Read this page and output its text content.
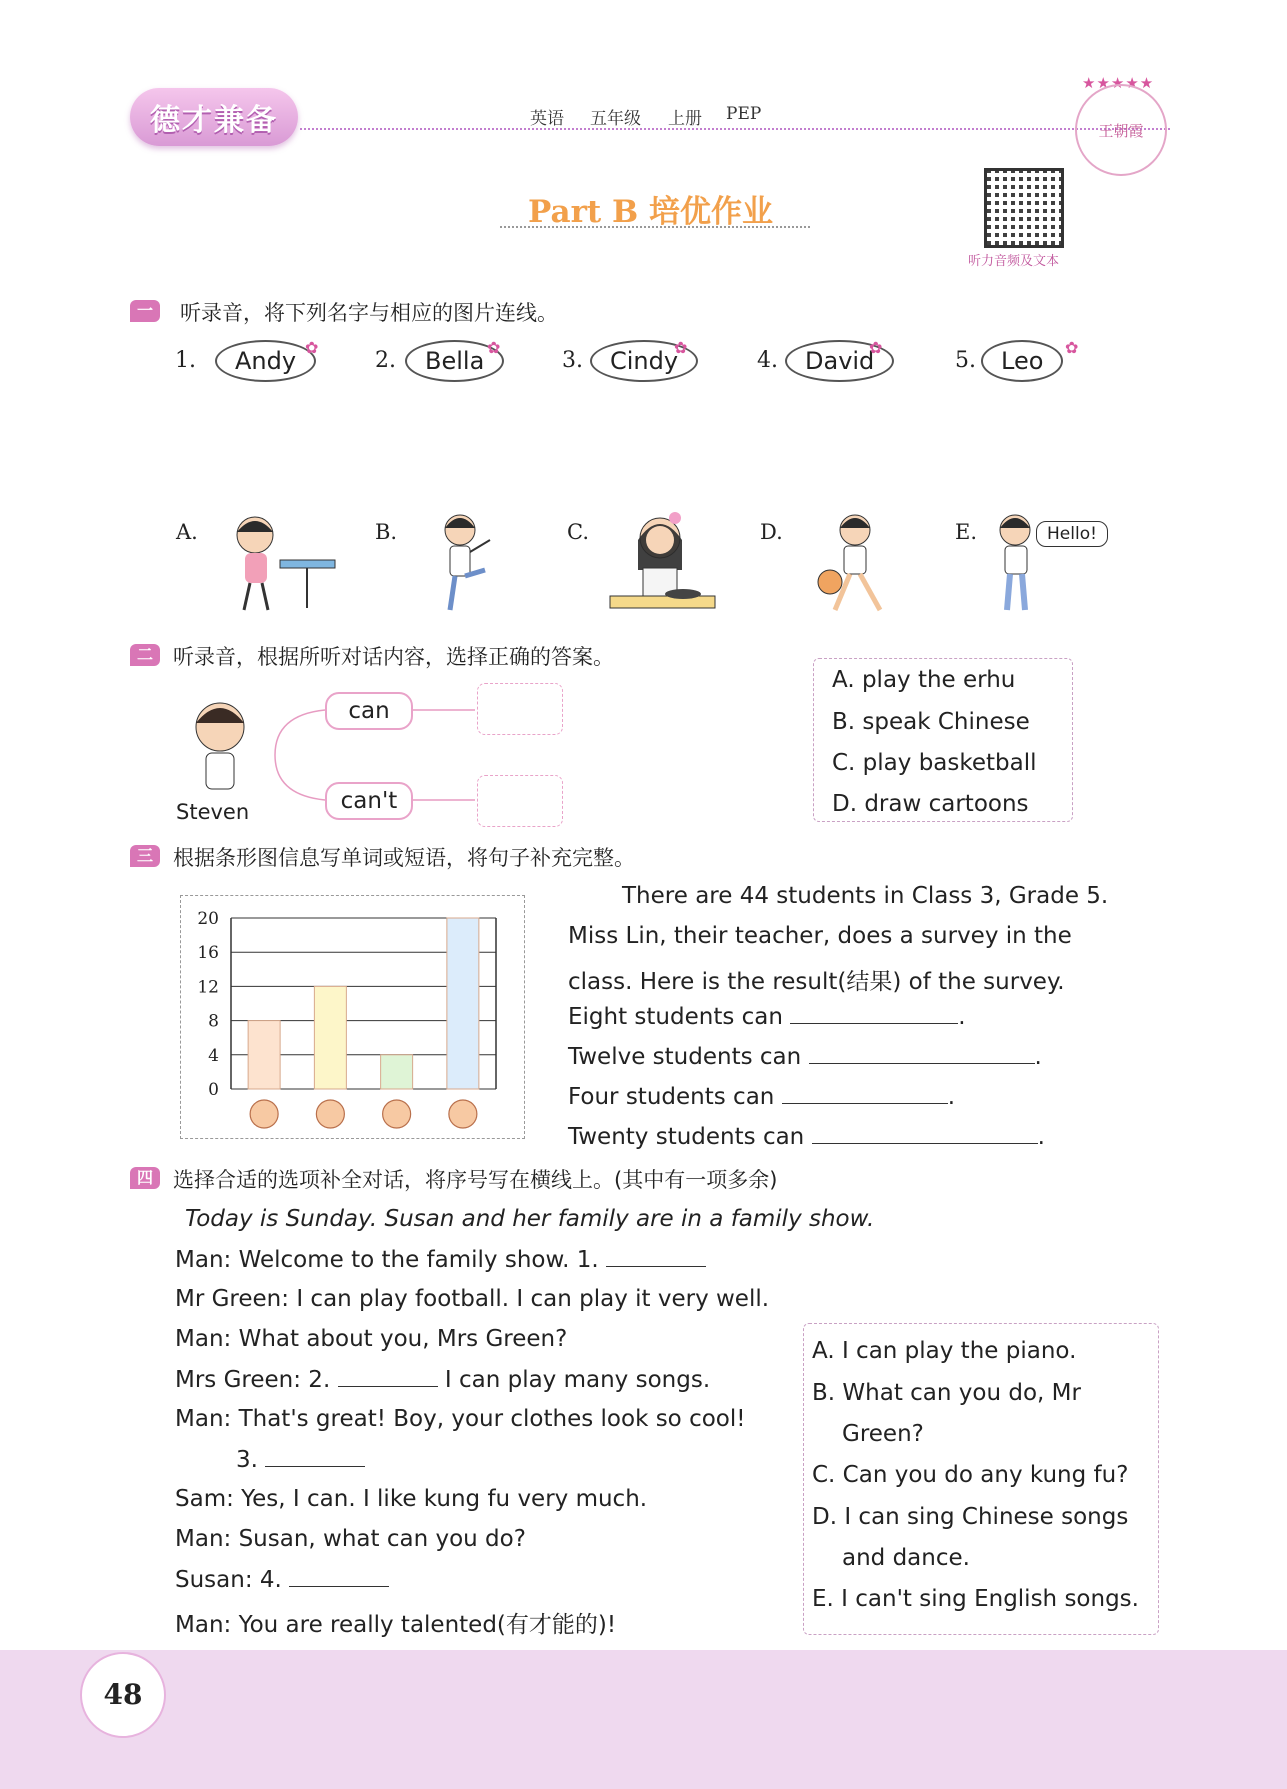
德才兼备	英语 五年级 上册 PEP
★★★★★
王朝霞
Part B 培优作业
听力音频及文本
一	听录音，将下列名字与相应的图片连线。
1.	Andy ✿
2.	Bella ✿
3.	Cindy
✿
4.	David
✿
5.	Leo	✿
A.	B.	C.	D.	E.	Hello!
二 听录音，根据所听对话内容，选择正确的答案。
Steven
can
can't
A. play the erhu
B. speak Chinese
C. play basketball
D. draw cartoons
三 根据条形图信息写单词或短语，将句子补充完整。
0
4
8
12
16
20
There are 44 students in Class 3, Grade 5.
Miss Lin, their teacher, does a survey in the
class. Here is the result(结果) of the survey.
Eight students can	.
Twelve students can	.
Four students can	.
Twenty students can	.
四 选择合适的选项补全对话，将序号写在横线上。(其中有一项多余)
Today is Sunday. Susan and her family are in a family show.
Man: Welcome to the family show. 1.
Mr Green: I can play football. I can play it very well.
Man: What about you, Mrs Green?
Mrs Green: 2.	I can play many songs.
Man: That's great! Boy, your clothes look so cool!
3.
Sam: Yes, I can. I like kung fu very much.
Man: Susan, what can you do?
Susan: 4.
Man: You are really talented(有才能的)!
A. I can play the piano.
B. What can you do, Mr
Green?
C. Can you do any kung fu?
D. I can sing Chinese songs
and dance.
E. I can't sing English songs.
48
